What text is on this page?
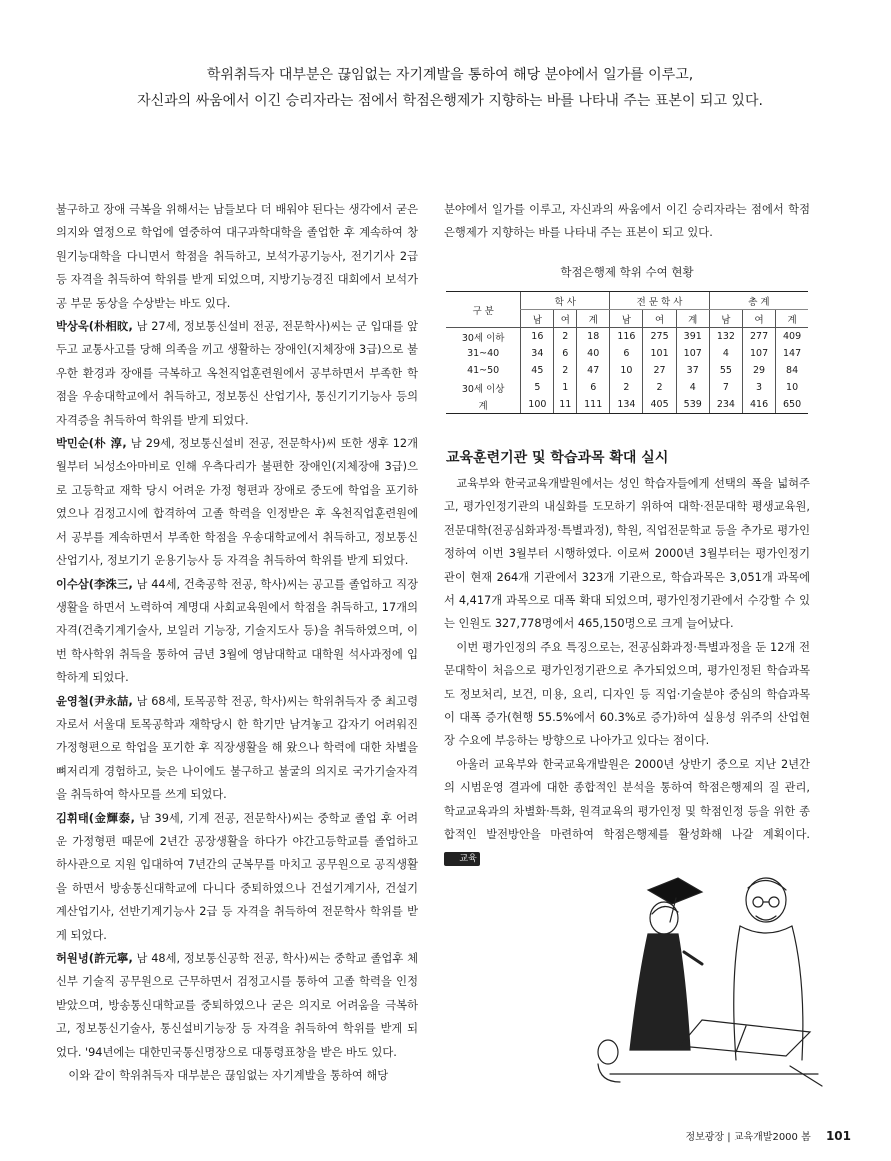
학위취득자 대부분은 끊임없는 자기계발을 통하여 해당 분야에서 일가를 이루고,
자신과의 싸움에서 이긴 승리자라는 점에서 학점은행제가 지향하는 바를 나타내 주는 표본이 되고 있다.

불구하고 장애 극복을 위해서는 남들보다 더 배워야 된다는 생각에서 굳은 의지와 열정으로 학업에 열중하여 대구과학대학을 졸업한 후 계속하여 창원기능대학을 다니면서 학점을 취득하고, 보석가공기능사, 전기기사 2급 등 자격을 취득하여 학위를 받게 되었으며, 지방기능경진 대회에서 보석가공 부문 동상을 수상받는 바도 있다.

박상욱(朴相旼, 남 27세, 정보통신설비 전공, 전문학사)씨는 군 입대를 앞두고 교통사고를 당해 의족을 끼고 생활하는 장애인(지체장애 3급)으로 불우한 환경과 장애를 극복하고 옥천직업훈련원에서 공부하면서 부족한 학점을 우송대학교에서 취득하고, 정보통신 산업기사, 통신기기기능사 등의 자격증을 취득하여 학위를 받게 되었다.

박민순(朴 淳, 남 29세, 정보통신설비 전공, 전문학사)씨 또한 생후 12개월부터 뇌성소아마비로 인해 우측다리가 불편한 장애인(지체장애 3급)으로 고등학교 재학 당시 어려운 가정 형편과 장애로 중도에 학업을 포기하였으나 검정고시에 합격하여 고졸 학력을 인정받은 후 옥천직업훈련원에서 공부를 계속하면서 부족한 학점을 우송대학교에서 취득하고, 정보통신 산업기사, 정보기기 운용기능사 등 자격을 취득하여 학위를 받게 되었다.

이수삼(李洙三, 남 44세, 건축공학 전공, 학사)씨는 공고를 졸업하고 직장생활을 하면서 노력하여 계명대 사회교육원에서 학점을 취득하고, 17개의 자격(건축기계기술사, 보일러 기능장, 기술지도사 등)을 취득하였으며, 이번 학사학위 취득을 통하여 금년 3월에 영남대학교 대학원 석사과정에 입학하게 되었다.

윤영철(尹永喆, 남 68세, 토목공학 전공, 학사)씨는 학위취득자 중 최고령자로서 서울대 토목공학과 재학당시 한 학기만 남겨놓고 갑자기 어려워진 가정형편으로 학업을 포기한 후 직장생활을 해 왔으나 학력에 대한 차별을 뼈저리게 경험하고, 늦은 나이에도 불구하고 불굴의 의지로 국가기술자격을 취득하여 학사모를 쓰게 되었다.

김휘태(金輝泰, 남 39세, 기계 전공, 전문학사)씨는 중학교 졸업 후 어려운 가정형편 때문에 2년간 공장생활을 하다가 야간고등학교를 졸업하고 하사관으로 지원 입대하여 7년간의 군복무를 마치고 공무원으로 공직생활을 하면서 방송통신대학교에 다니다 중퇴하였으나 건설기계기사, 건설기계산업기사, 선반기계기능사 2급 등 자격을 취득하여 전문학사 학위를 받게 되었다.

허원녕(許元寧, 남 48세, 정보통신공학 전공, 학사)씨는 중학교 졸업후 체신부 기술직 공무원으로 근무하면서 검정고시를 통하여 고졸 학력을 인정받았으며, 방송통신대학교를 중퇴하였으나 굳은 의지로 어려움을 극복하고, 정보통신기술사, 통신설비기능장 등 자격을 취득하여 학위를 받게 되었다. '94년에는 대한민국통신명장으로 대통령표창을 받은 바도 있다.

이와 같이 학위취득자 대부분은 끊임없는 자기계발을 통하여 해당

분야에서 일가를 이루고, 자신과의 싸움에서 이긴 승리자라는 점에서 학점은행제가 지향하는 바를 나타내 주는 표본이 되고 있다.

학점은행제 학위 수여 현황
구 분	학 사			전 문 학 사			총 계		
	남	여	계	남	여	계	남	여	계
30세 이하	16	2	18	116	275	391	132	277	409
31~40	34	6	40	6	101	107	4	107	147
41~50	45	2	47	10	27	37	55	29	84
30세 이상	5	1	6	2	2	4	7	3	10
계	100	11	111	134	405	539	234	416	650
교육훈련기관 및 학습과목 확대 실시

교육부와 한국교육개발원에서는 성인 학습자들에게 선택의 폭을 넓혀주고, 평가인정기관의 내실화를 도모하기 위하여 대학·전문대학 평생교육원, 전문대학(전공심화과정·특별과정), 학원, 직업전문학교 등을 추가로 평가인정하여 이번 3월부터 시행하였다. 이로써 2000년 3월부터는 평가인정기관이 현재 264개 기관에서 323개 기관으로, 학습과목은 3,051개 과목에서 4,417개 과목으로 대폭 확대 되었으며, 평가인정기관에서 수강할 수 있는 인원도 327,778명에서 465,150명으로 크게 늘어났다.

이번 평가인정의 주요 특징으로는, 전공심화과정·특별과정을 둔 12개 전문대학이 처음으로 평가인정기관으로 추가되었으며, 평가인정된 학습과목도 정보처리, 보건, 미용, 요리, 디자인 등 직업·기술분야 중심의 학습과목이 대폭 증가(현행 55.5%에서 60.3%로 증가)하여 실용성 위주의 산업현장 수요에 부응하는 방향으로 나아가고 있다는 점이다.

아울러 교육부와 한국교육개발원은 2000년 상반기 중으로 지난 2년간의 시범운영 결과에 대한 종합적인 분석을 통하여 학점은행제의 질 관리, 학교교육과의 차별화·특화, 원격교육의 평가인정 및 학점인정 등을 위한 종합적인 발전방안을 마련하여 학점은행제를 활성화해 나갈 계획이다. 교육

정보광장 | 교육개발2000 봄 101
